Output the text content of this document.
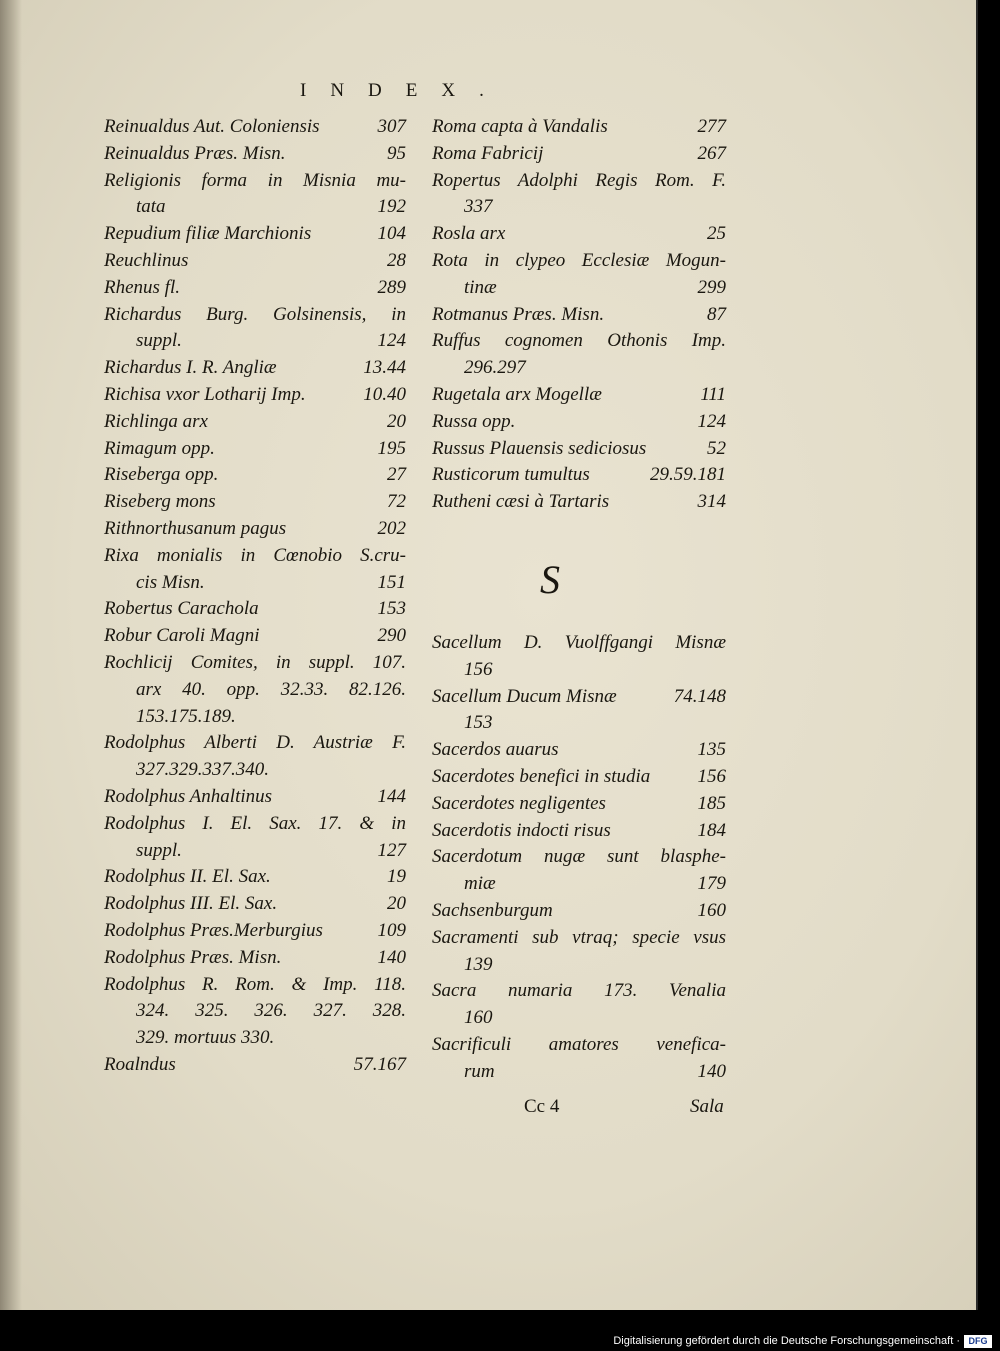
INDEX.
Reinualdus Aut. Coloniensis	307
Reinualdus Præs. Misn.	95
Religionis forma in Misnia mu-
tata	192
Repudium filiæ Marchionis	104
Reuchlinus	28
Rhenus fl.	289
Richardus Burg. Golsinensis, in
suppl.	124
Richardus I. R. Angliæ	13.44
Richisa vxor Lotharij Imp.	10.40
Richlinga arx	20
Rimagum opp.	195
Riseberga opp.	27
Riseberg mons	72
Rithnorthusanum pagus	202
Rixa monialis in Cœnobio S.cru-
cis Misn.	151
Robertus Carachola	153
Robur Caroli Magni	290
Rochlicij Comites, in suppl. 107.
arx 40. opp. 32.33. 82.126.
153.175.189.
Rodolphus Alberti D. Austriæ F.
327.329.337.340.
Rodolphus Anhaltinus	144
Rodolphus I. El. Sax. 17. & in
suppl.	127
Rodolphus II. El. Sax.	19
Rodolphus III. El. Sax.	20
Rodolphus Præs.Merburgius	109
Rodolphus Præs. Misn.	140
Rodolphus R. Rom. & Imp. 118.
324. 325. 326. 327. 328.
329. mortuus 330.
Roalndus	57.167
Roma capta à Vandalis	277
Roma Fabricij	267
Ropertus Adolphi Regis Rom. F.
337
Rosla arx	25
Rota in clypeo Ecclesiæ Mogun-
tinæ	299
Rotmanus Præs. Misn.	87
Ruffus cognomen Othonis Imp.
296.297
Rugetala arx Mogellæ	111
Russa opp.	124
Russus Plauensis sediciosus	52
Rusticorum tumultus	29.59.181
Rutheni cæsi à Tartaris	314
S
Sacellum D. Vuolffgangi Misnæ
156
Sacellum Ducum Misnæ	74.148
153
Sacerdos auarus	135
Sacerdotes benefici in studia	156
Sacerdotes negligentes	185
Sacerdotis indocti risus	184
Sacerdotum nugæ sunt blasphe-
miæ	179
Sachsenburgum	160
Sacramenti sub vtraq; specie vsus
139
Sacra numaria 173. Venalia
160
Sacrificuli amatores venefica-
rum	140
Cc 4	Sala
Digitalisierung gefördert durch die Deutsche Forschungsgemeinschaft · DFG
